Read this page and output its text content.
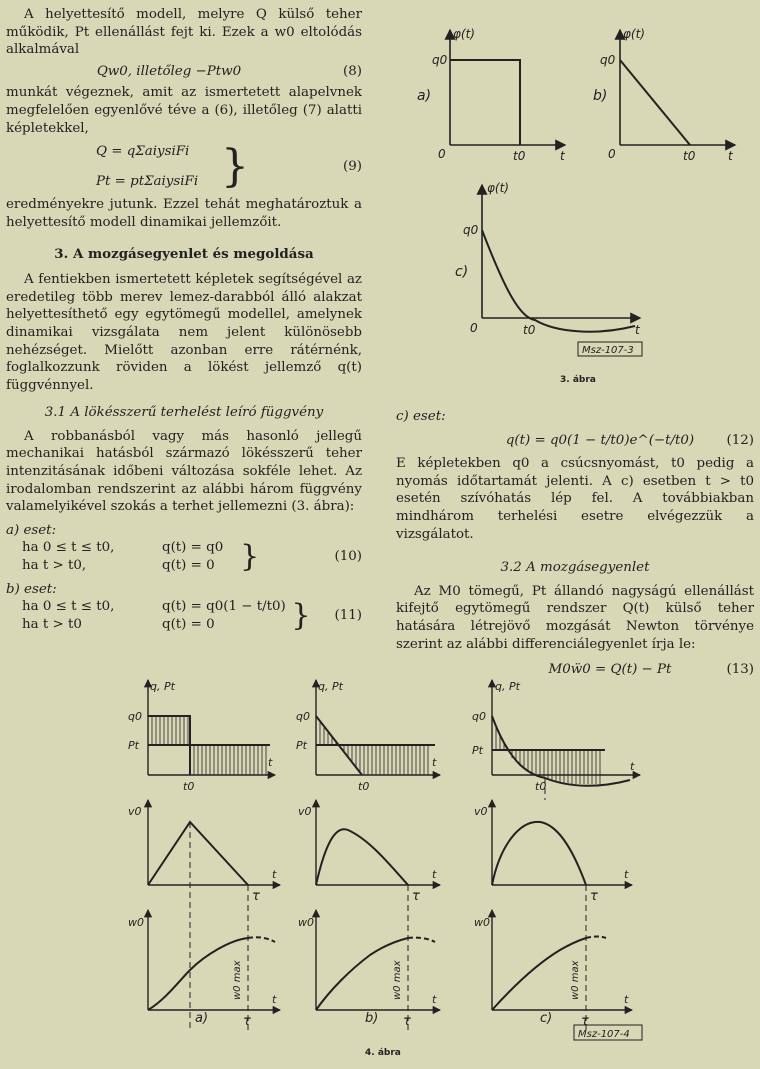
A helyettesítő modell, melyre Q külső teher működik, Pt ellenállást fejt ki. Ezek a w0 eltolódás alkalmával

Qw0, illetőleg −Ptw0	(8)

munkát végeznek, amit az ismertetett alapelvnek megfelelően egyenlővé téve a (6), illetőleg (7) alatti képletekkel,

Q = qΣaiysiFi
Pt = ptΣaiysiFi }	(9)

eredményekre jutunk. Ezzel tehát meghatároztuk a helyettesítő modell dinamikai jellemzőit.

3. A mozgásegyenlet és megoldása

A fentiekben ismertetett képletek segítségével az eredetileg több merev lemez-darabból álló alakzat helyettesíthető egy egytömegű modellel, amelynek dinamikai vizsgálata nem jelent különösebb nehézséget. Mielőtt azonban erre rátérnénk, foglalkozzunk röviden a lökést jellemző q(t) függvénnyel.

3.1 A lökésszerű terhelést leíró függvény

A robbanásból vagy más hasonló jellegű mechanikai hatásból származó lökésszerű teher intenzitásának időbeni változása sokféle lehet. Az irodalomban rendszerint az alábbi három függvény valamelyikével szokás a terhet jellemezni (3. ábra):

a) eset:
ha 0 ≤ t ≤ t0,	q(t) = q0
ha t > t0,	q(t) = 0 }	(10)
b) eset:
ha 0 ≤ t ≤ t0,	q(t) = q0(1 − t/t0)
ha t > t0	q(t) = 0	} (11)
φ(t)
q0
0	t0	t
a)
φ(t)
q0
0	t0	t
b)
φ(t)
q0
0	t0	t
c)
Msz-107-3
3. ábra
c) eset:
q(t) = q0(1 − t/t0)e^(−t/t0) (12)

E képletekben q0 a csúcsnyomást, t0 pedig a nyomás időtartamát jelenti. A c) esetben t > t0 esetén szívóhatás lép fel. A továbbiakban mindhárom terhelési esetre elvégezzük a vizsgálatot.

3.2 A mozgásegyenlet

Az M0 tömegű, Pt állandó nagyságú ellenállást kifejtő egytömegű rendszer Q(t) külső teher hatására létrejövő mozgását Newton törvénye szerint az alábbi differenciálegyenlet írja le:

M0ẅ0 = Q(t) − Pt	(13)
q, Pt
q0
Pt
t0
t
v0
t
τ
w0
t
τ
w0 max
a)
q, Pt
q0
Pt
t0
t
v0
t
τ
w0
t
τ
w0 max
b)
q, Pt
q0
Pt
t0
t
v0
t
τ
w0
t
τ
w0 max
c)
Msz-107-4
4. ábra
